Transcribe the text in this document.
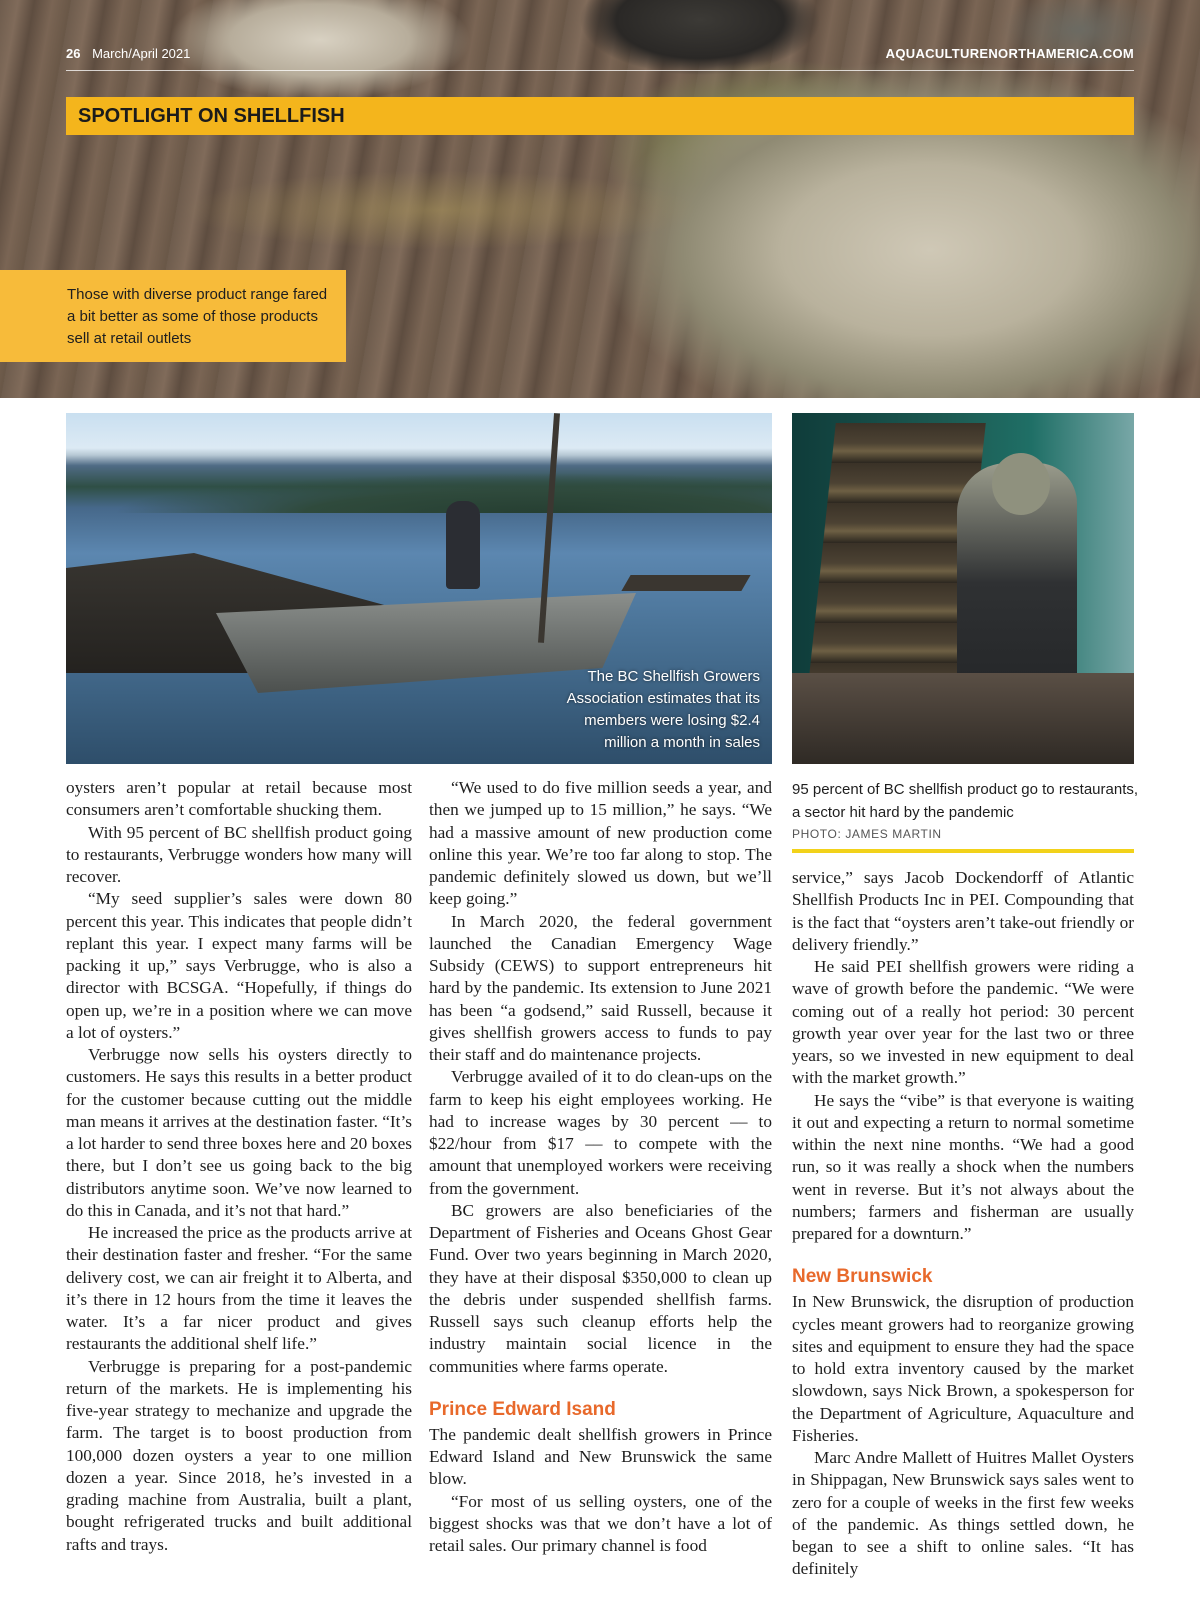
26 March/April 2021	AQUACULTURENORTHAMERICA.COM
SPOTLIGHT ON SHELLFISH
Those with diverse product range fared a bit better as some of those products sell at retail outlets
The BC Shellfish Growers Association estimates that its members were losing $2.4 million a month in sales
95 percent of BC shellfish product go to restaurants, a sector hit hard by the pandemic
PHOTO: JAMES MARTIN

oysters aren’t popular at retail because most consumers aren’t comfortable shucking them.

With 95 percent of BC shellfish product going to restaurants, Verbrugge wonders how many will recover.

“My seed supplier’s sales were down 80 percent this year. This indicates that people didn’t replant this year. I expect many farms will be packing it up,” says Verbrugge, who is also a director with BCSGA. “Hopefully, if things do open up, we’re in a position where we can move a lot of oysters.”

Verbrugge now sells his oysters directly to customers. He says this results in a better product for the customer because cutting out the middle man means it arrives at the destination faster. “It’s a lot harder to send three boxes here and 20 boxes there, but I don’t see us going back to the big distributors anytime soon. We’ve now learned to do this in Canada, and it’s not that hard.”

He increased the price as the products arrive at their destination faster and fresher. “For the same delivery cost, we can air freight it to Alberta, and it’s there in 12 hours from the time it leaves the water. It’s a far nicer product and gives restaurants the additional shelf life.”

Verbrugge is preparing for a post-pandemic return of the markets. He is implementing his five-year strategy to mechanize and upgrade the farm. The target is to boost production from 100,000 dozen oysters a year to one million dozen a year. Since 2018, he’s invested in a grading machine from Australia, built a plant, bought refrigerated trucks and built additional rafts and trays.

“We used to do five million seeds a year, and then we jumped up to 15 million,” he says. “We had a massive amount of new production come online this year. We’re too far along to stop. The pandemic definitely slowed us down, but we’ll keep going.”

In March 2020, the federal government launched the Canadian Emergency Wage Subsidy (CEWS) to support entrepreneurs hit hard by the pandemic. Its extension to June 2021 has been “a godsend,” said Russell, because it gives shellfish growers access to funds to pay their staff and do maintenance projects.

Verbrugge availed of it to do clean-ups on the farm to keep his eight employees working. He had to increase wages by 30 percent –– to $22/hour from $17 –– to compete with the amount that unemployed workers were receiving from the government.

BC growers are also beneficiaries of the Department of Fisheries and Oceans Ghost Gear Fund. Over two years beginning in March 2020, they have at their disposal $350,000 to clean up the debris under suspended shellfish farms. Russell says such cleanup efforts help the industry maintain social licence in the communities where farms operate.

Prince Edward Isand

The pandemic dealt shellfish growers in Prince Edward Island and New Brunswick the same blow.

“For most of us selling oysters, one of the biggest shocks was that we don’t have a lot of retail sales. Our primary channel is food

service,” says Jacob Dockendorff of Atlantic Shellfish Products Inc in PEI. Compounding that is the fact that “oysters aren’t take-out friendly or delivery friendly.”

He said PEI shellfish growers were riding a wave of growth before the pandemic. “We were coming out of a really hot period: 30 percent growth year over year for the last two or three years, so we invested in new equipment to deal with the market growth.”

He says the “vibe” is that everyone is waiting it out and expecting a return to normal sometime within the next nine months. “We had a good run, so it was really a shock when the numbers went in reverse. But it’s not always about the numbers; farmers and fisherman are usually prepared for a downturn.”

New Brunswick

In New Brunswick, the disruption of production cycles meant growers had to reorganize growing sites and equipment to ensure they had the space to hold extra inventory caused by the market slowdown, says Nick Brown, a spokesperson for the Department of Agriculture, Aquaculture and Fisheries.

Marc Andre Mallett of Huitres Mallet Oysters in Shippagan, New Brunswick says sales went to zero for a couple of weeks in the first few weeks of the pandemic. As things settled down, he began to see a shift to online sales. “It has definitely
